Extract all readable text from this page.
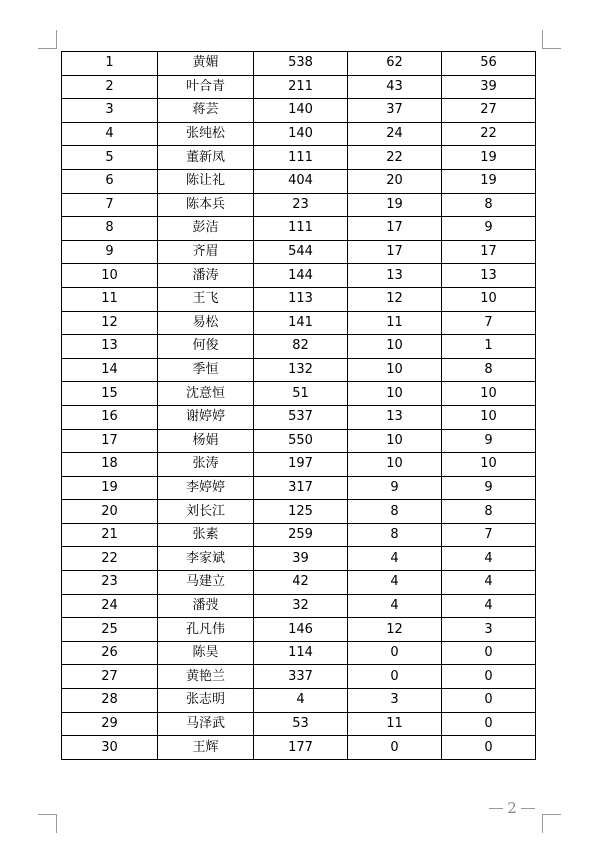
1	黄媚	538	62	56
2	叶合青	211	43	39
3	蒋芸	140	37	27
4	张纯松	140	24	22
5	董新凤	111	22	19
6	陈让礼	404	20	19
7	陈本兵	23	19	8
8	彭洁	111	17	9
9	齐眉	544	17	17
10	潘涛	144	13	13
11	王飞	113	12	10
12	易松	141	11	7
13	何俊	82	10	1
14	季恒	132	10	8
15	沈意恒	51	10	10
16	谢婷婷	537	13	10
17	杨娟	550	10	9
18	张涛	197	10	10
19	李婷婷	317	9	9
20	刘长江	125	8	8
21	张素	259	8	7
22	李家斌	39	4	4
23	马建立	42	4	4
24	潘弢	32	4	4
25	孔凡伟	146	12	3
26	陈昊	114	0	0
27	黄艳兰	337	0	0
28	张志明	4	3	0
29	马泽武	53	11	0
30	王辉	177	0	0
2
